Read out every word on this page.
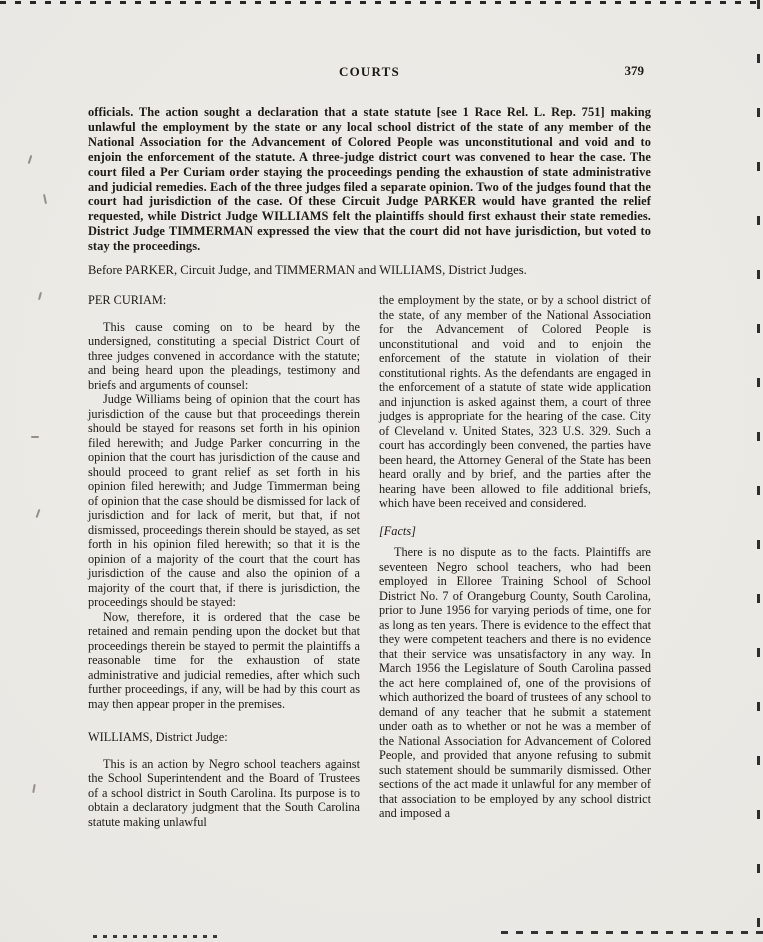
COURTS	379

officials. The action sought a declaration that a state statute [see 1 Race Rel. L. Rep. 751] making unlawful the employment by the state or any local school district of the state of any member of the National Association for the Advancement of Colored People was unconstitutional and void and to enjoin the enforcement of the statute. A three-judge district court was convened to hear the case. The court filed a Per Curiam order staying the proceedings pending the exhaustion of state administrative and judicial remedies. Each of the three judges filed a separate opinion. Two of the judges found that the court had jurisdiction of the case. Of these Circuit Judge PARKER would have granted the relief requested, while District Judge WILLIAMS felt the plaintiffs should first exhaust their state remedies. District Judge TIMMERMAN expressed the view that the court did not have jurisdiction, but voted to stay the proceedings.

Before PARKER, Circuit Judge, and TIMMERMAN and WILLIAMS, District Judges.

PER CURIAM:

This cause coming on to be heard by the undersigned, constituting a special District Court of three judges convened in accordance with the statute; and being heard upon the pleadings, testimony and briefs and arguments of counsel:

Judge Williams being of opinion that the court has jurisdiction of the cause but that proceedings therein should be stayed for reasons set forth in his opinion filed herewith; and Judge Parker concurring in the opinion that the court has jurisdiction of the cause and should proceed to grant relief as set forth in his opinion filed herewith; and Judge Timmerman being of opinion that the case should be dismissed for lack of jurisdiction and for lack of merit, but that, if not dismissed, proceedings therein should be stayed, as set forth in his opinion filed herewith; so that it is the opinion of a majority of the court that the court has jurisdiction of the cause and also the opinion of a majority of the court that, if there is jurisdiction, the proceedings should be stayed:

Now, therefore, it is ordered that the case be retained and remain pending upon the docket but that proceedings therein be stayed to permit the plaintiffs a reasonable time for the exhaustion of state administrative and judicial remedies, after which such further proceedings, if any, will be had by this court as may then appear proper in the premises.

WILLIAMS, District Judge:

This is an action by Negro school teachers against the School Superintendent and the Board of Trustees of a school district in South Carolina. Its purpose is to obtain a declaratory judgment that the South Carolina statute making unlawful

the employment by the state, or by a school district of the state, of any member of the National Association for the Advancement of Colored People is unconstitutional and void and to enjoin the enforcement of the statute in violation of their constitutional rights. As the defendants are engaged in the enforcement of a statute of state wide application and injunction is asked against them, a court of three judges is appropriate for the hearing of the case. City of Cleveland v. United States, 323 U.S. 329. Such a court has accordingly been convened, the parties have been heard, the Attorney General of the State has been heard orally and by brief, and the parties after the hearing have been allowed to file additional briefs, which have been received and considered.

[Facts]

There is no dispute as to the facts. Plaintiffs are seventeen Negro school teachers, who had been employed in Elloree Training School of School District No. 7 of Orangeburg County, South Carolina, prior to June 1956 for varying periods of time, one for as long as ten years. There is evidence to the effect that they were competent teachers and there is no evidence that their service was unsatisfactory in any way. In March 1956 the Legislature of South Carolina passed the act here complained of, one of the provisions of which authorized the board of trustees of any school to demand of any teacher that he submit a statement under oath as to whether or not he was a member of the National Association for Advancement of Colored People, and provided that anyone refusing to submit such statement should be summarily dismissed. Other sections of the act made it unlawful for any member of that association to be employed by any school district and imposed a
